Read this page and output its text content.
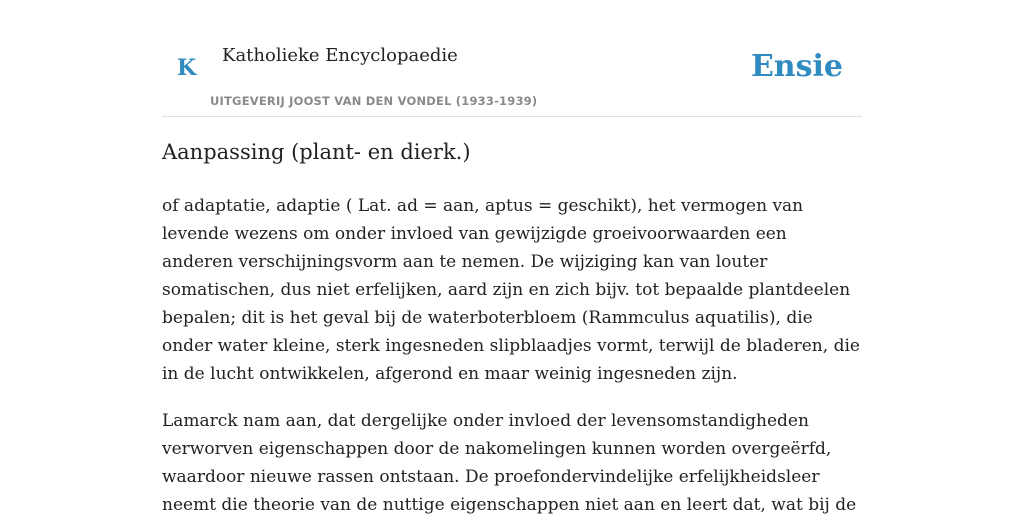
K Katholieke Encyclopaedie
UITGEVERIJ JOOST VAN DEN VONDEL (1933-1939)
Ensie
Aanpassing (plant- en dierk.)

of adaptatie, adaptie ( Lat. ad = aan, aptus = geschikt), het vermogen van levende wezens om onder invloed van gewijzigde groeivoorwaarden een anderen verschijningsvorm aan te nemen. De wijziging kan van louter somatischen, dus niet erfelijken, aard zijn en zich bijv. tot bepaalde plantdeelen bepalen; dit is het geval bij de waterboterbloem (Rammculus aquatilis), die onder water kleine, sterk ingesneden slipblaadjes vormt, terwijl de bladeren, die in de lucht ontwikkelen, afgerond en maar weinig ingesneden zijn.

Lamarck nam aan, dat dergelijke onder invloed der levensomstandigheden verworven eigenschappen door de nakomelingen kunnen worden overgeërfd, waardoor nieuwe rassen ontstaan. De proefondervindelijke erfelijkheidsleer neemt die theorie van de nuttige eigenschappen niet aan en leert dat, wat bij de
